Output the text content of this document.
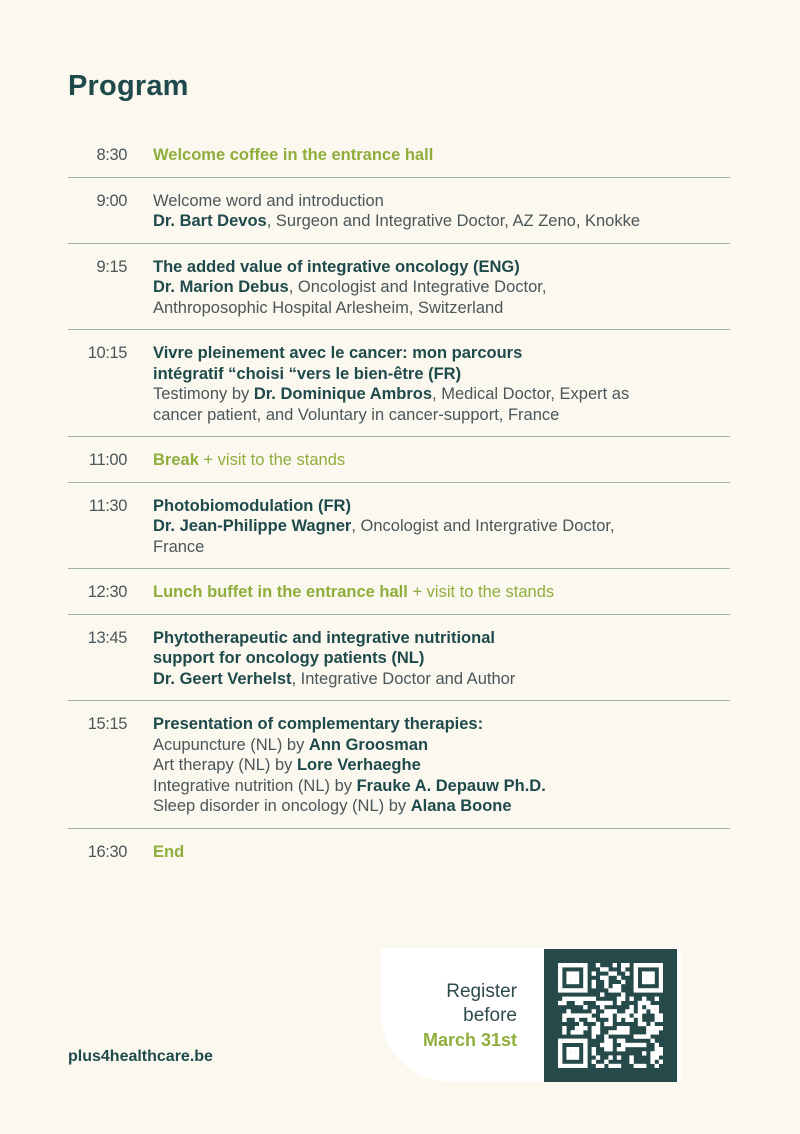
Program
8:30	Welcome coffee in the entrance hall
9:00	Welcome word and introduction
Dr. Bart Devos, Surgeon and Integrative Doctor, AZ Zeno, Knokke
9:15	The added value of integrative oncology (ENG)
Dr. Marion Debus, Oncologist and Integrative Doctor,
Anthroposophic Hospital Arlesheim, Switzerland
10:15	Vivre pleinement avec le cancer: mon parcours
intégratif “choisi “vers le bien-être (FR)
Testimony by Dr. Dominique Ambros, Medical Doctor, Expert as
cancer patient, and Voluntary in cancer-support, France
11:00	Break + visit to the stands
11:30	Photobiomodulation (FR)
Dr. Jean-Philippe Wagner, Oncologist and Intergrative Doctor,
France
12:30	Lunch buffet in the entrance hall + visit to the stands
13:45	Phytotherapeutic and integrative nutritional
support for oncology patients (NL)
Dr. Geert Verhelst, Integrative Doctor and Author
15:15	Presentation of complementary therapies:
Acupuncture (NL) by Ann Groosman
Art therapy (NL) by Lore Verhaeghe
Integrative nutrition (NL) by Frauke A. Depauw Ph.D.
Sleep disorder in oncology (NL) by Alana Boone
16:30	End
plus4healthcare.be
Register
before
March 31st
